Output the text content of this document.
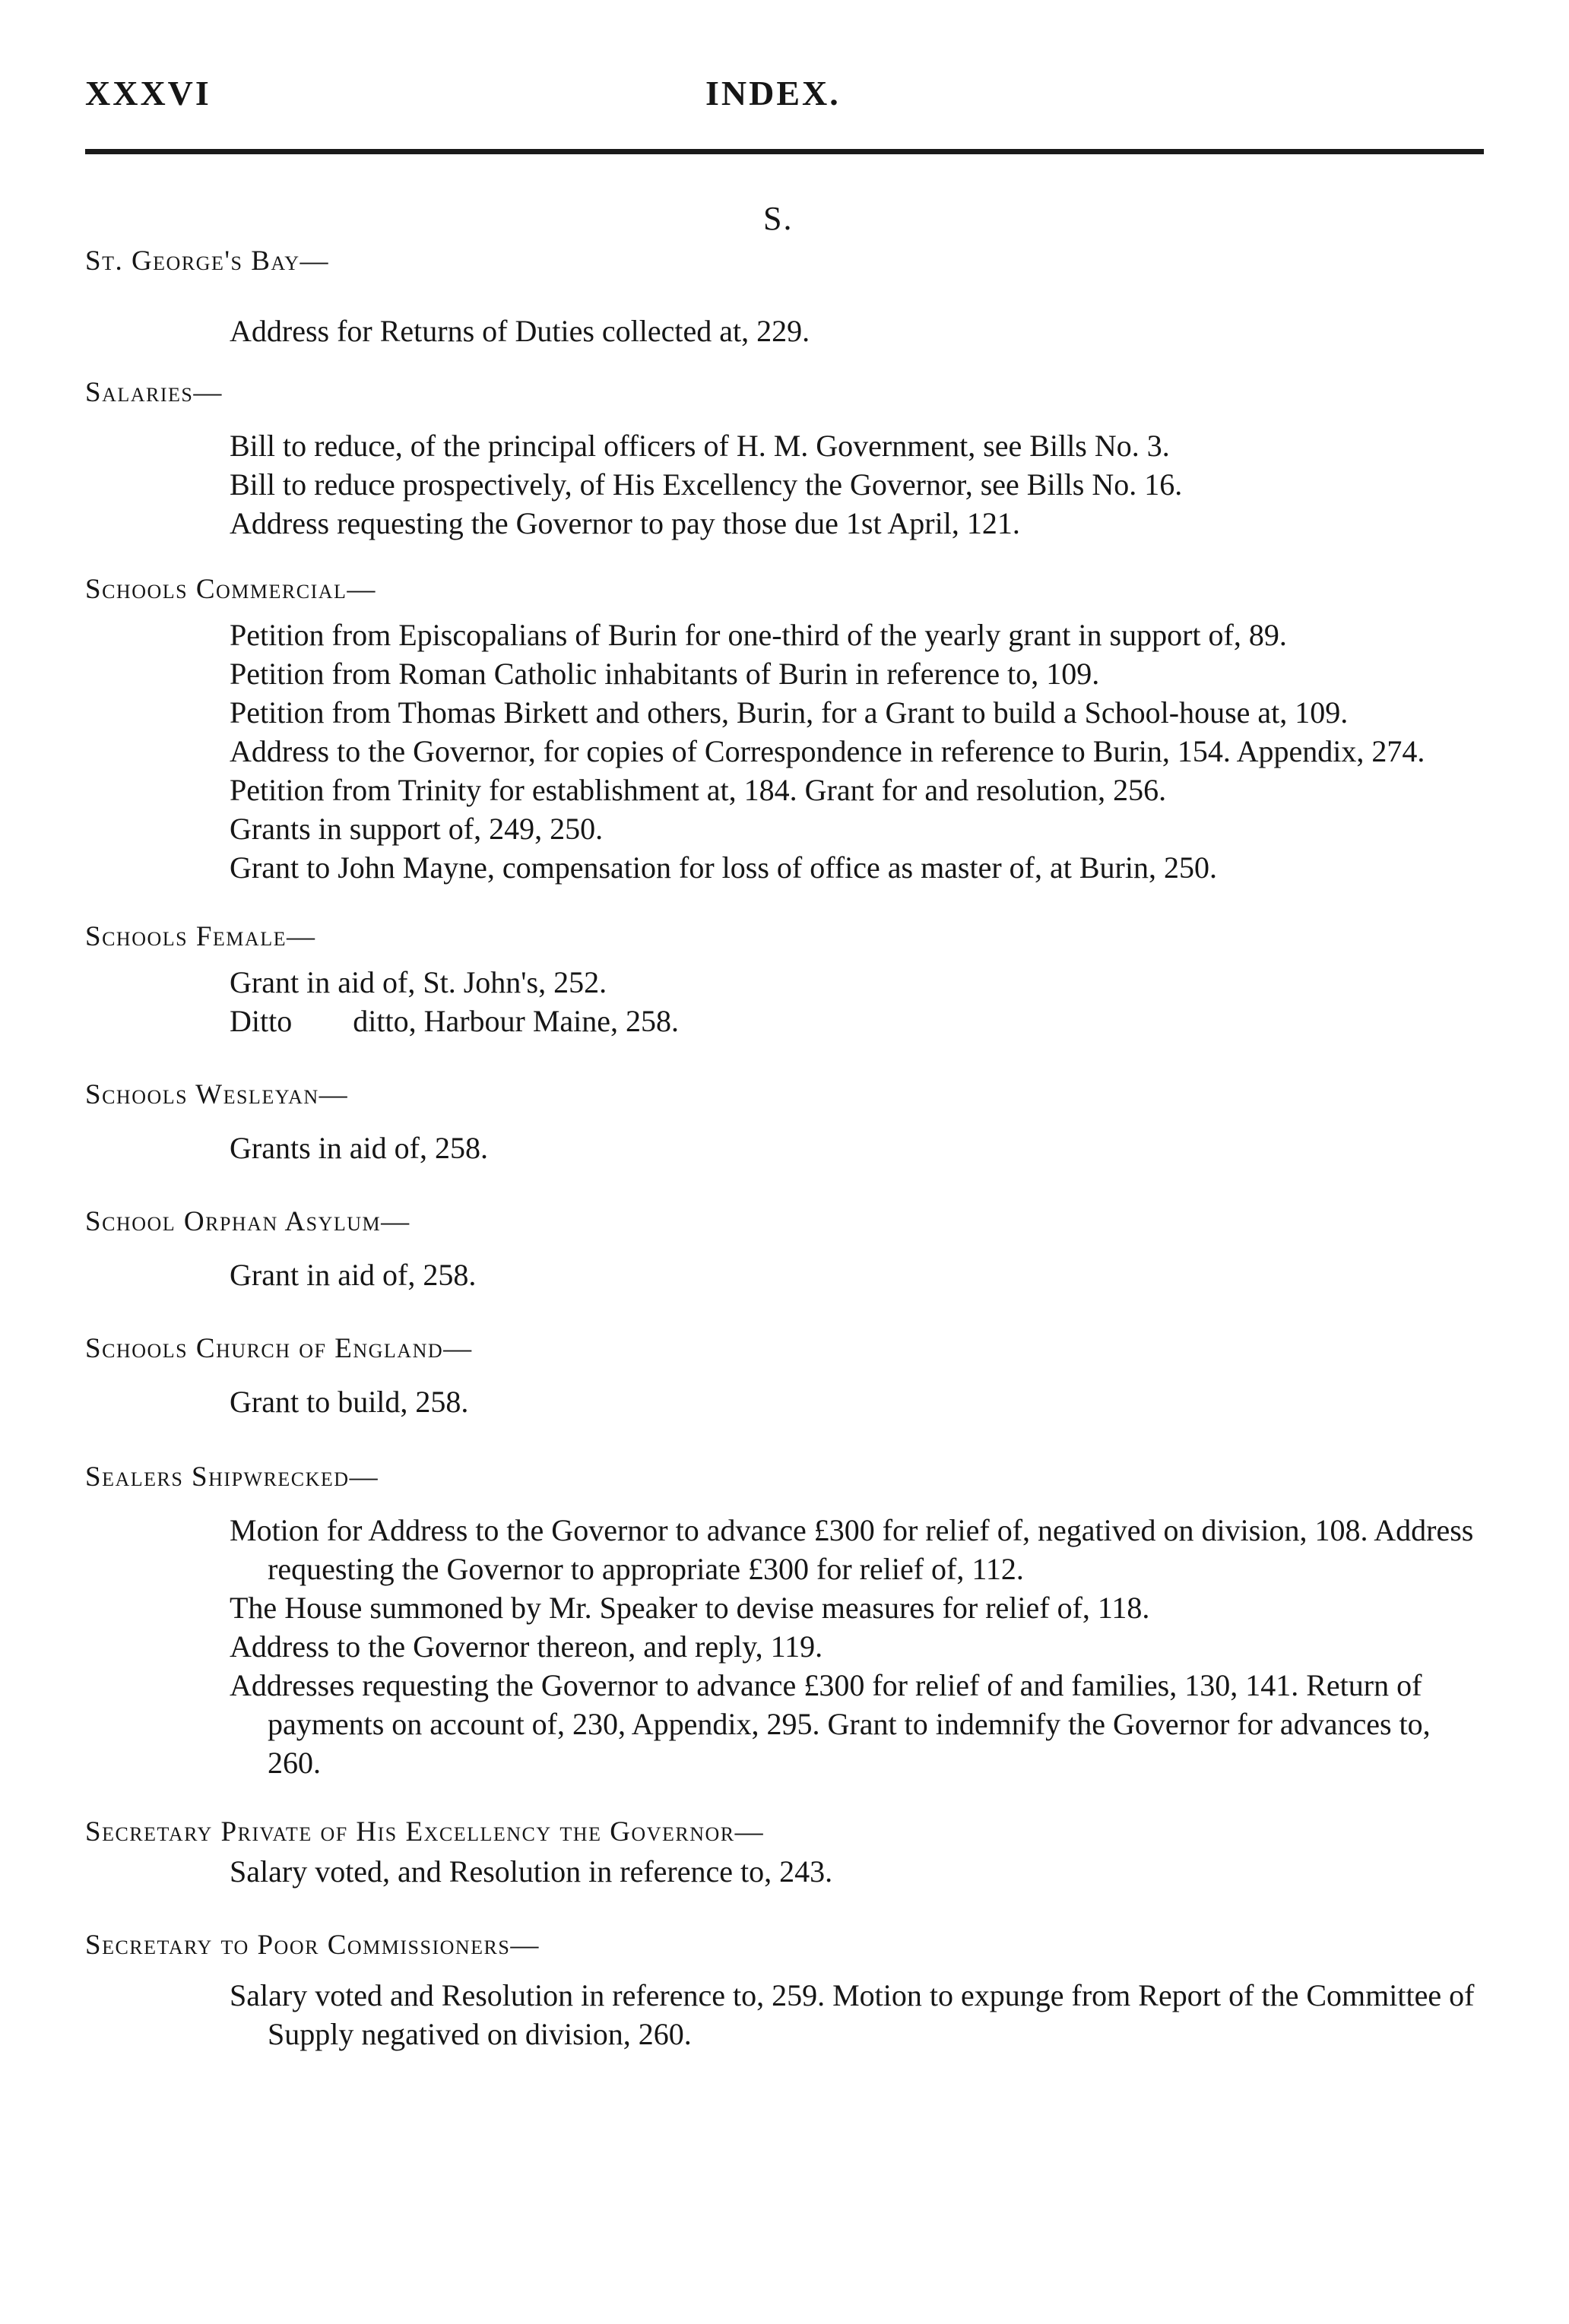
XXXVI	INDEX.
S.

St. George's Bay—

Address for Returns of Duties collected at, 229.

Salaries—

Bill to reduce, of the principal officers of H. M. Government, see Bills No. 3.
Bill to reduce prospectively, of His Excellency the Governor, see Bills No. 16.
Address requesting the Governor to pay those due 1st April, 121.

Schools Commercial—

Petition from Episcopalians of Burin for one-third of the yearly grant in support of, 89.
Petition from Roman Catholic inhabitants of Burin in reference to, 109.
Petition from Thomas Birkett and others, Burin, for a Grant to build a School-house at, 109.
Address to the Governor, for copies of Correspondence in reference to Burin, 154. Appendix, 274.
Petition from Trinity for establishment at, 184. Grant for and resolution, 256.
Grants in support of, 249, 250.
Grant to John Mayne, compensation for loss of office as master of, at Burin, 250.

Schools Female—

Grant in aid of, St. John's, 252.
Ditto        ditto, Harbour Maine, 258.

Schools Wesleyan—

Grants in aid of, 258.

School Orphan Asylum—

Grant in aid of, 258.

Schools Church of England—

Grant to build, 258.

Sealers Shipwrecked—

Motion for Address to the Governor to advance £300 for relief of, negatived on division, 108. Address requesting the Governor to appropriate £300 for relief of, 112.
The House summoned by Mr. Speaker to devise measures for relief of, 118.
Address to the Governor thereon, and reply, 119.
Addresses requesting the Governor to advance £300 for relief of and families, 130, 141. Return of payments on account of, 230, Appendix, 295. Grant to indemnify the Governor for advances to, 260.

Secretary Private of His Excellency the Governor—

Salary voted, and Resolution in reference to, 243.

Secretary to Poor Commissioners—

Salary voted and Resolution in reference to, 259. Motion to expunge from Report of the Committee of Supply negatived on division, 260.
